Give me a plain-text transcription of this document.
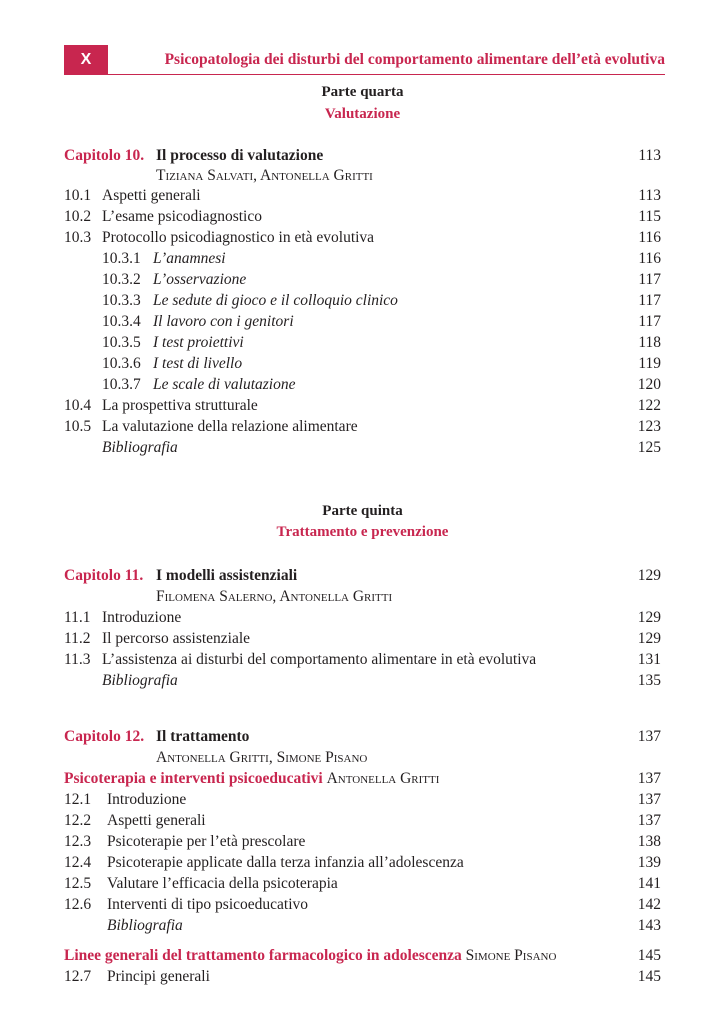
X	Psicopatologia dei disturbi del comportamento alimentare dell’età evolutiva
Parte quarta
Valutazione
Capitolo 10. Il processo di valutazione	113
Tiziana Salvati, Antonella Gritti
10.1 Aspetti generali	113
10.2 L’esame psicodiagnostico	115
10.3 Protocollo psicodiagnostico in età evolutiva	116
10.3.1 L’anamnesi	116
10.3.2 L’osservazione	117
10.3.3 Le sedute di gioco e il colloquio clinico	117
10.3.4 Il lavoro con i genitori	117
10.3.5 I test proiettivi	118
10.3.6 I test di livello	119
10.3.7 Le scale di valutazione	120
10.4 La prospettiva strutturale	122
10.5 La valutazione della relazione alimentare	123
Bibliografia	125
Parte quinta
Trattamento e prevenzione
Capitolo 11. I modelli assistenziali	129
Filomena Salerno, Antonella Gritti
11.1 Introduzione	129
11.2 Il percorso assistenziale	129
11.3 L’assistenza ai disturbi del comportamento alimentare in età evolutiva	131
Bibliografia	135
Capitolo 12. Il trattamento	137
Antonella Gritti, Simone Pisano
Psicoterapia e interventi psicoeducativi Antonella Gritti	137
12.1 Introduzione	137
12.2 Aspetti generali	137
12.3 Psicoterapie per l’età prescolare	138
12.4 Psicoterapie applicate dalla terza infanzia all’adolescenza	139
12.5 Valutare l’efficacia della psicoterapia	141
12.6 Interventi di tipo psicoeducativo	142
Bibliografia	143
Linee generali del trattamento farmacologico in adolescenza Simone Pisano	145
12.7 Principi generali	145
